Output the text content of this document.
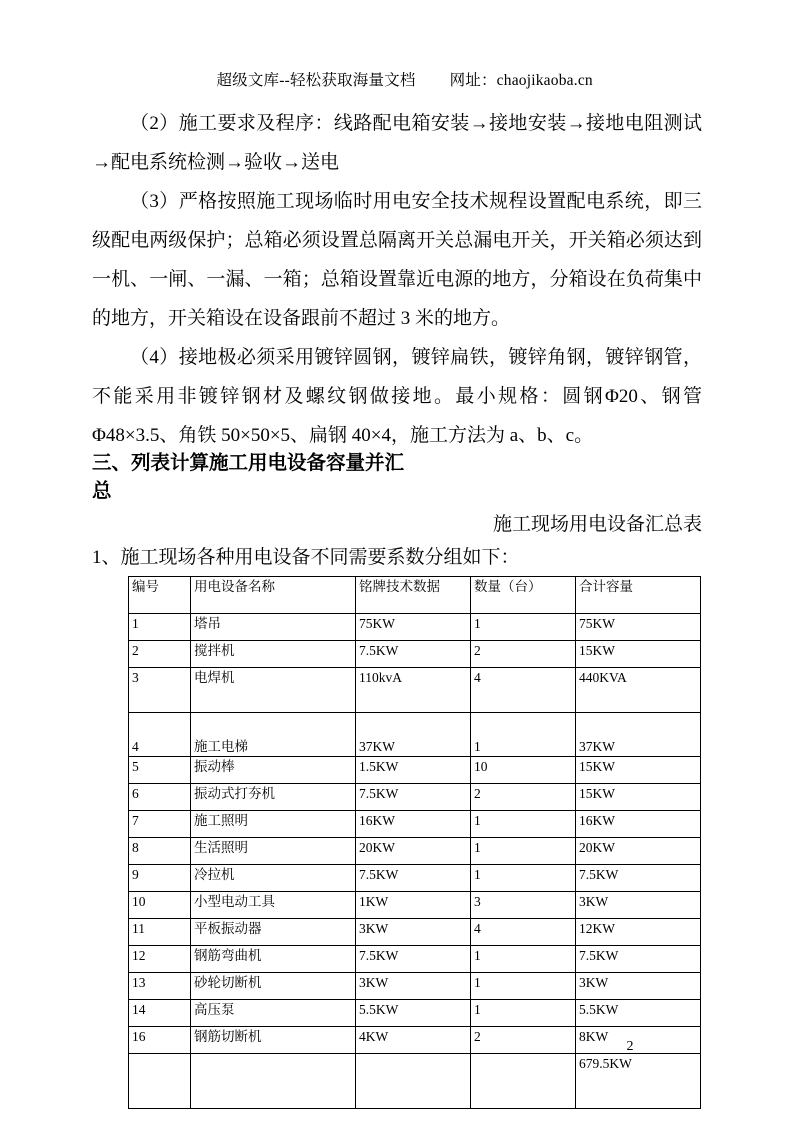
超级文库--轻松获取海量文档 网址：chaojikaoba.cn

（2）施工要求及程序：线路配电箱安装→接地安装→接地电阻测试→配电系统检测→验收→送电

（3）严格按照施工现场临时用电安全技术规程设置配电系统，即三级配电两级保护；总箱必须设置总隔离开关总漏电开关，开关箱必须达到一机、一闸、一漏、一箱；总箱设置靠近电源的地方，分箱设在负荷集中的地方，开关箱设在设备跟前不超过 3 米的地方。

（4）接地极必须采用镀锌圆钢，镀锌扁铁，镀锌角钢，镀锌钢管，不能采用非镀锌钢材及螺纹钢做接地。最小规格：圆钢Φ20、钢管Φ48×3.5、角铁 50×50×5、扁钢 40×4，施工方法为 a、b、c。

三、列表计算施工用电设备容量并汇
总
施工现场用电设备汇总表
1、施工现场各种用电设备不同需要系数分组如下：
编号	用电设备名称	铭牌技术数据	数量（台）	合计容量
1	塔吊	75KW	1	75KW
2	搅拌机	7.5KW	2	15KW
3	电焊机	110kvA	4	440KVA
4	施工电梯	37KW	1	37KW
5	振动棒	1.5KW	10	15KW
6	振动式打夯机	7.5KW	2	15KW
7	施工照明	16KW	1	16KW
8	生活照明	20KW	1	20KW
9	冷拉机	7.5KW	1	7.5KW
10	小型电动工具	1KW	3	3KW
11	平板振动器	3KW	4	12KW
12	钢筋弯曲机	7.5KW	1	7.5KW
13	砂轮切断机	3KW	1	3KW
14	高压泵	5.5KW	1	5.5KW
16	钢筋切断机	4KW	2	8KW
				679.5KW
2
